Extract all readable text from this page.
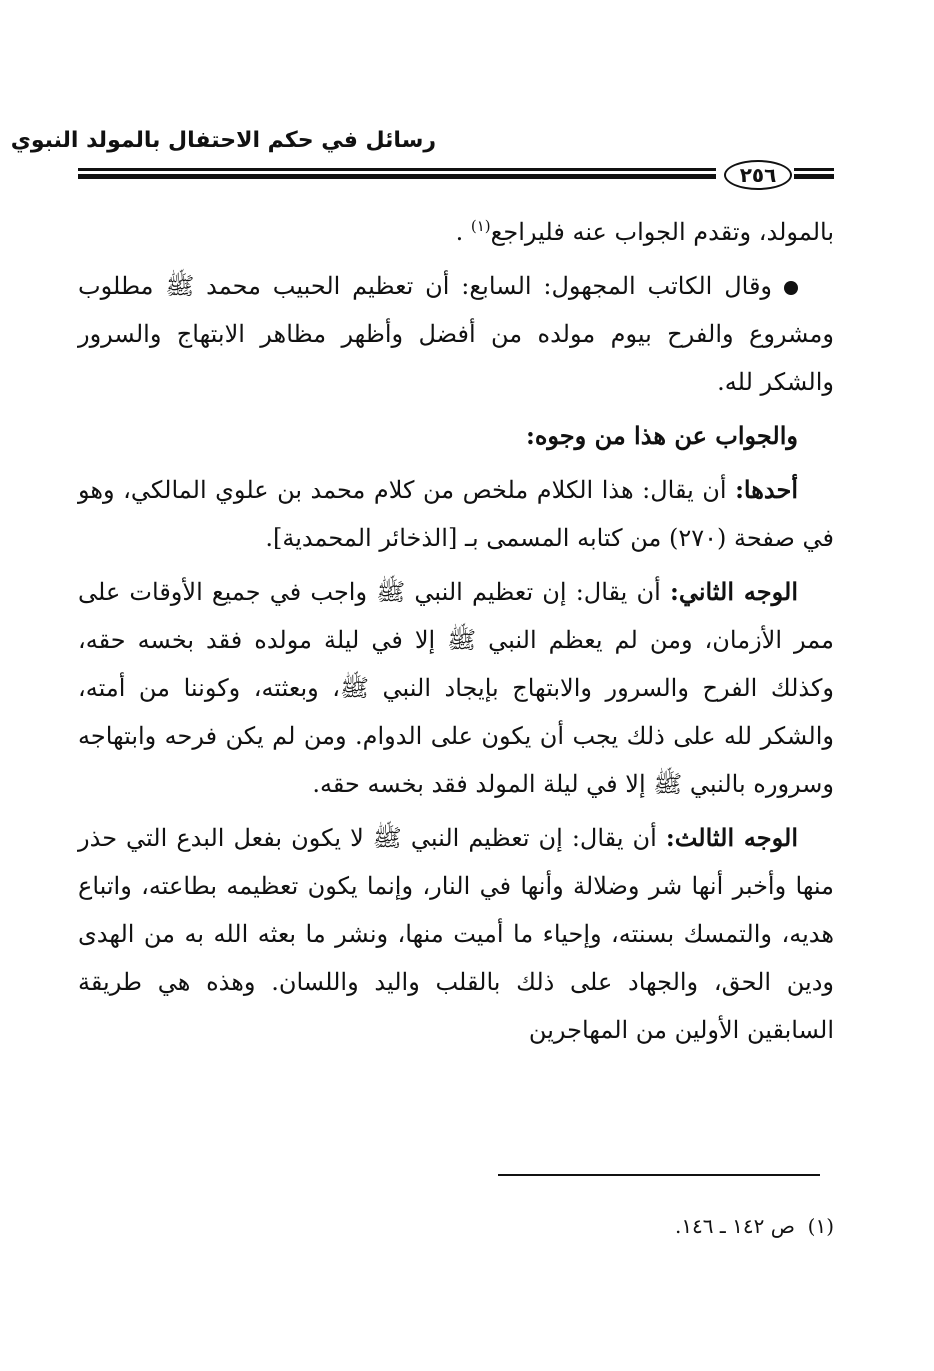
رسائل في حكم الاحتفال بالمولد النبوي
٢٥٦

بالمولد، وتقدم الجواب عنه فليراجع$^{(١)}$ .

وقال الكاتب المجهول: السابع: أن تعظيم الحبيب محمد ﷺ مطلوب ومشروع والفرح بيوم مولده من أفضل وأظهر مظاهر الابتهاج والسرور والشكر لله.

والجواب عن هذا من وجوه:

أحدها: أن يقال: هذا الكلام ملخص من كلام محمد بن علوي المالكي، وهو في صفحة (٢٧٠) من كتابه المسمى بـ [الذخائر المحمدية].

الوجه الثاني: أن يقال: إن تعظيم النبي ﷺ واجب في جميع الأوقات على ممر الأزمان، ومن لم يعظم النبي ﷺ إلا في ليلة مولده فقد بخسه حقه، وكذلك الفرح والسرور والابتهاج بإيجاد النبي ﷺ، وبعثته، وكوننا من أمته، والشكر لله على ذلك يجب أن يكون على الدوام. ومن لم يكن فرحه وابتهاجه وسروره بالنبي ﷺ إلا في ليلة المولد فقد بخسه حقه.

الوجه الثالث: أن يقال: إن تعظيم النبي ﷺ لا يكون بفعل البدع التي حذر منها وأخبر أنها شر وضلالة وأنها في النار، وإنما يكون تعظيمه بطاعته، واتباع هديه، والتمسك بسنته، وإحياء ما أميت منها، ونشر ما بعثه الله به من الهدى ودين الحق، والجهاد على ذلك بالقلب واليد واللسان. وهذه هي طريقة السابقين الأولين من المهاجرين

(١)  ص ١٤٢ ـ ١٤٦.
